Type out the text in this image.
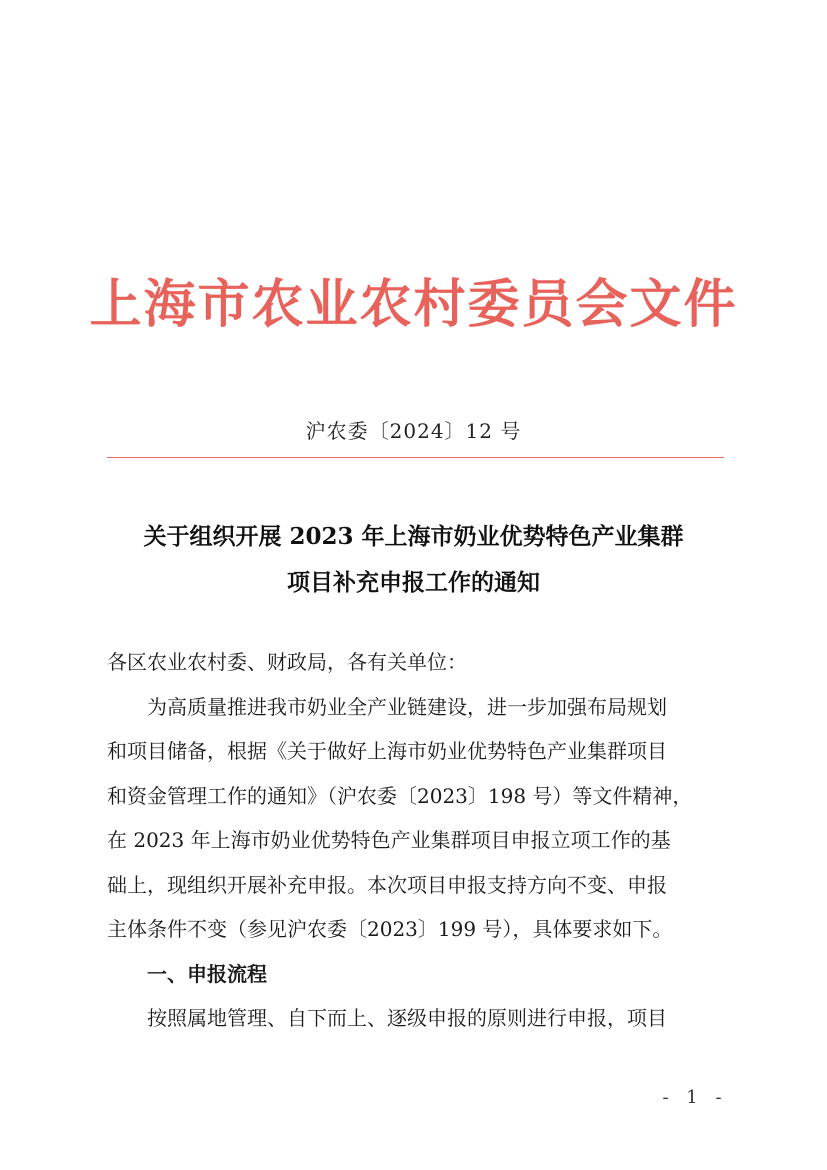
上海市农业农村委员会文件
沪农委〔2024〕12 号
关于组织开展 2023 年上海市奶业优势特色产业集群
项目补充申报工作的通知

各区农业农村委、财政局，各有关单位：

为高质量推进我市奶业全产业链建设，进一步加强布局规划

和项目储备，根据《关于做好上海市奶业优势特色产业集群项目

和资金管理工作的通知》（沪农委〔2023〕198 号）等文件精神，

在 2023 年上海市奶业优势特色产业集群项目申报立项工作的基

础上，现组织开展补充申报。本次项目申报支持方向不变、申报

主体条件不变（参见沪农委〔2023〕199 号），具体要求如下。

一、申报流程

按照属地管理、自下而上、逐级申报的原则进行申报，项目

- 1 -
